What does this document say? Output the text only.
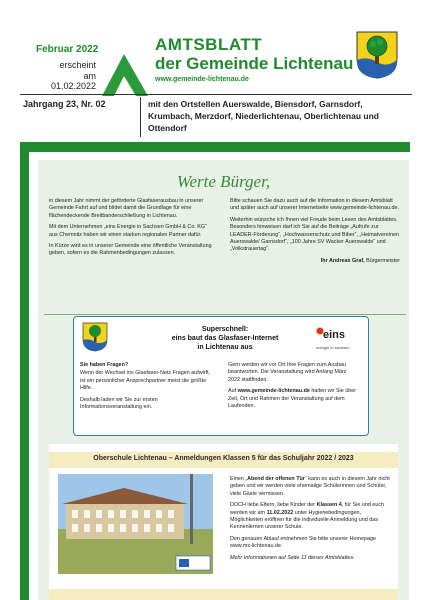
Februar 2022
erscheint
am 01.02.2022
AMTSBLATT
der Gemeinde Lichtenau
www.gemeinde-lichtenau.de
Jahrgang 23, Nr. 02	mit den Ortstellen Auerswalde, Biensdorf, Garnsdorf, Krumbach, Merzdorf, Niederlichtenau, Oberlichtenau und Ottendorf
Werte Bürger,

in diesem Jahr nimmt der geförderte Glasfaserausbau in unserer Gemeinde Fahrt auf und bildet damit die Grundlage für eine flächendeckende Breitbanderschließung in Lichtenau.

Mit dem Unternehmen „eins Energie in Sachsen GmbH & Co. KG“ aus Chemnitz haben wir einen starken regionalen Partner dafür.

In Kürze wird es in unserer Gemeinde eine öffentliche Veranstaltung geben, sofern es die Rahmenbedingungen zulassen.

Bitte schauen Sie dazu auch auf die Information in diesem Amtsblatt und später auch auf unserer Internetseite www.gemeinde-lichtenau.de.

Weiterhin wünsche ich Ihnen viel Freude beim Lesen des Amtsblattes. Besonders hinweisen darf ich Sie auf die Beiträge „Aufrufe zur LEADER-Förderung“, „Hochwasserschutz und Biber“, „Heimatvereinen Auerswalde/ Garnsdorf“, „100 Jahre SV Wacker Auerswalde“ und „Volkstrauertag“.

Ihr Andreas Graf, Bürgermeister

Superschnell:
eins baut das Glasfaser-Internet
in Lichtenau aus
eins
energie in sachsen

Sie haben Fragen?

Wenn der Wechsel ins Glasfaser-Netz Fragen aufwirft, ist ein persönlicher Ansprechpartner meist die größte Hilfe.

Deshalb laden wir Sie zur ersten Informationsveranstaltung ein.

Gern werden wir vor Ort Ihre Fragen zum Ausbau beantworten. Die Veranstaltung wird Anfang März 2022 stattfinden.

Auf www.gemeinde-lichtenau.de halten wir Sie über Zeit, Ort und Rahmen der Veranstaltung auf dem Laufenden.

Oberschule Lichtenau – Anmeldungen Klassen 5 für das Schuljahr 2022 / 2023

Einen „Abend der offenen Tür“ kann es auch in diesem Jahr nicht geben und wir werden viele ehemalige Schülerinnen und Schüler, viele Gäste vermissen.

DOCH liebe Eltern, liebe Kinder der Klassen 4, für Sie und euch werden wir am 11.02.2022 unter Hygienebedingungen, Möglichkeiten eröffnen für die individuelle Anmeldung und das Kennenlernen unserer Schule.

Den genauen Ablauf entnehmen Sie bitte unserer Homepage www.ms-lichtenau.de.

Mehr Informationen auf Seite 11 dieses Amtsblattes.
